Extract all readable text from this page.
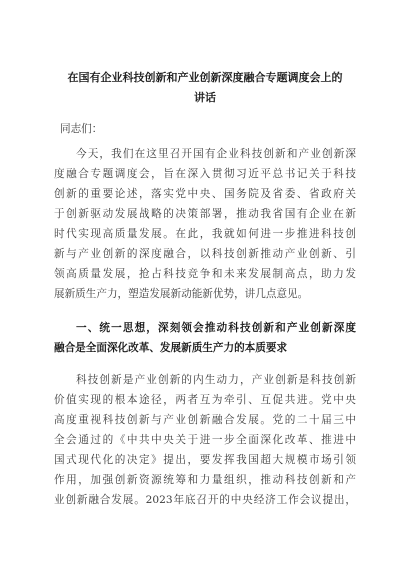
在国有企业科技创新和产业创新深度融合专题调度会上的
讲话
同志们：
今天，我们在这里召开国有企业科技创新和产业创新深
度融合专题调度会，旨在深入贯彻习近平总书记关于科技
创新的重要论述，落实党中央、国务院及省委、省政府关
于创新驱动发展战略的决策部署，推动我省国有企业在新
时代实现高质量发展。在此，我就如何进一步推进科技创
新与产业创新的深度融合，以科技创新推动产业创新、引
领高质量发展，抢占科技竞争和未来发展制高点，助力发
展新质生产力，塑造发展新动能新优势，讲几点意见。
一、统一思想，深刻领会推动科技创新和产业创新深度
融合是全面深化改革、发展新质生产力的本质要求
科技创新是产业创新的内生动力，产业创新是科技创新
价值实现的根本途径，两者互为牵引、互促共进。党中央
高度重视科技创新与产业创新融合发展。党的二十届三中
全会通过的《中共中央关于进一步全面深化改革、推进中
国式现代化的决定》提出，要发挥我国超大规模市场引领
作用，加强创新资源统筹和力量组织，推动科技创新和产
业创新融合发展。2023年底召开的中央经济工作会议提出，
